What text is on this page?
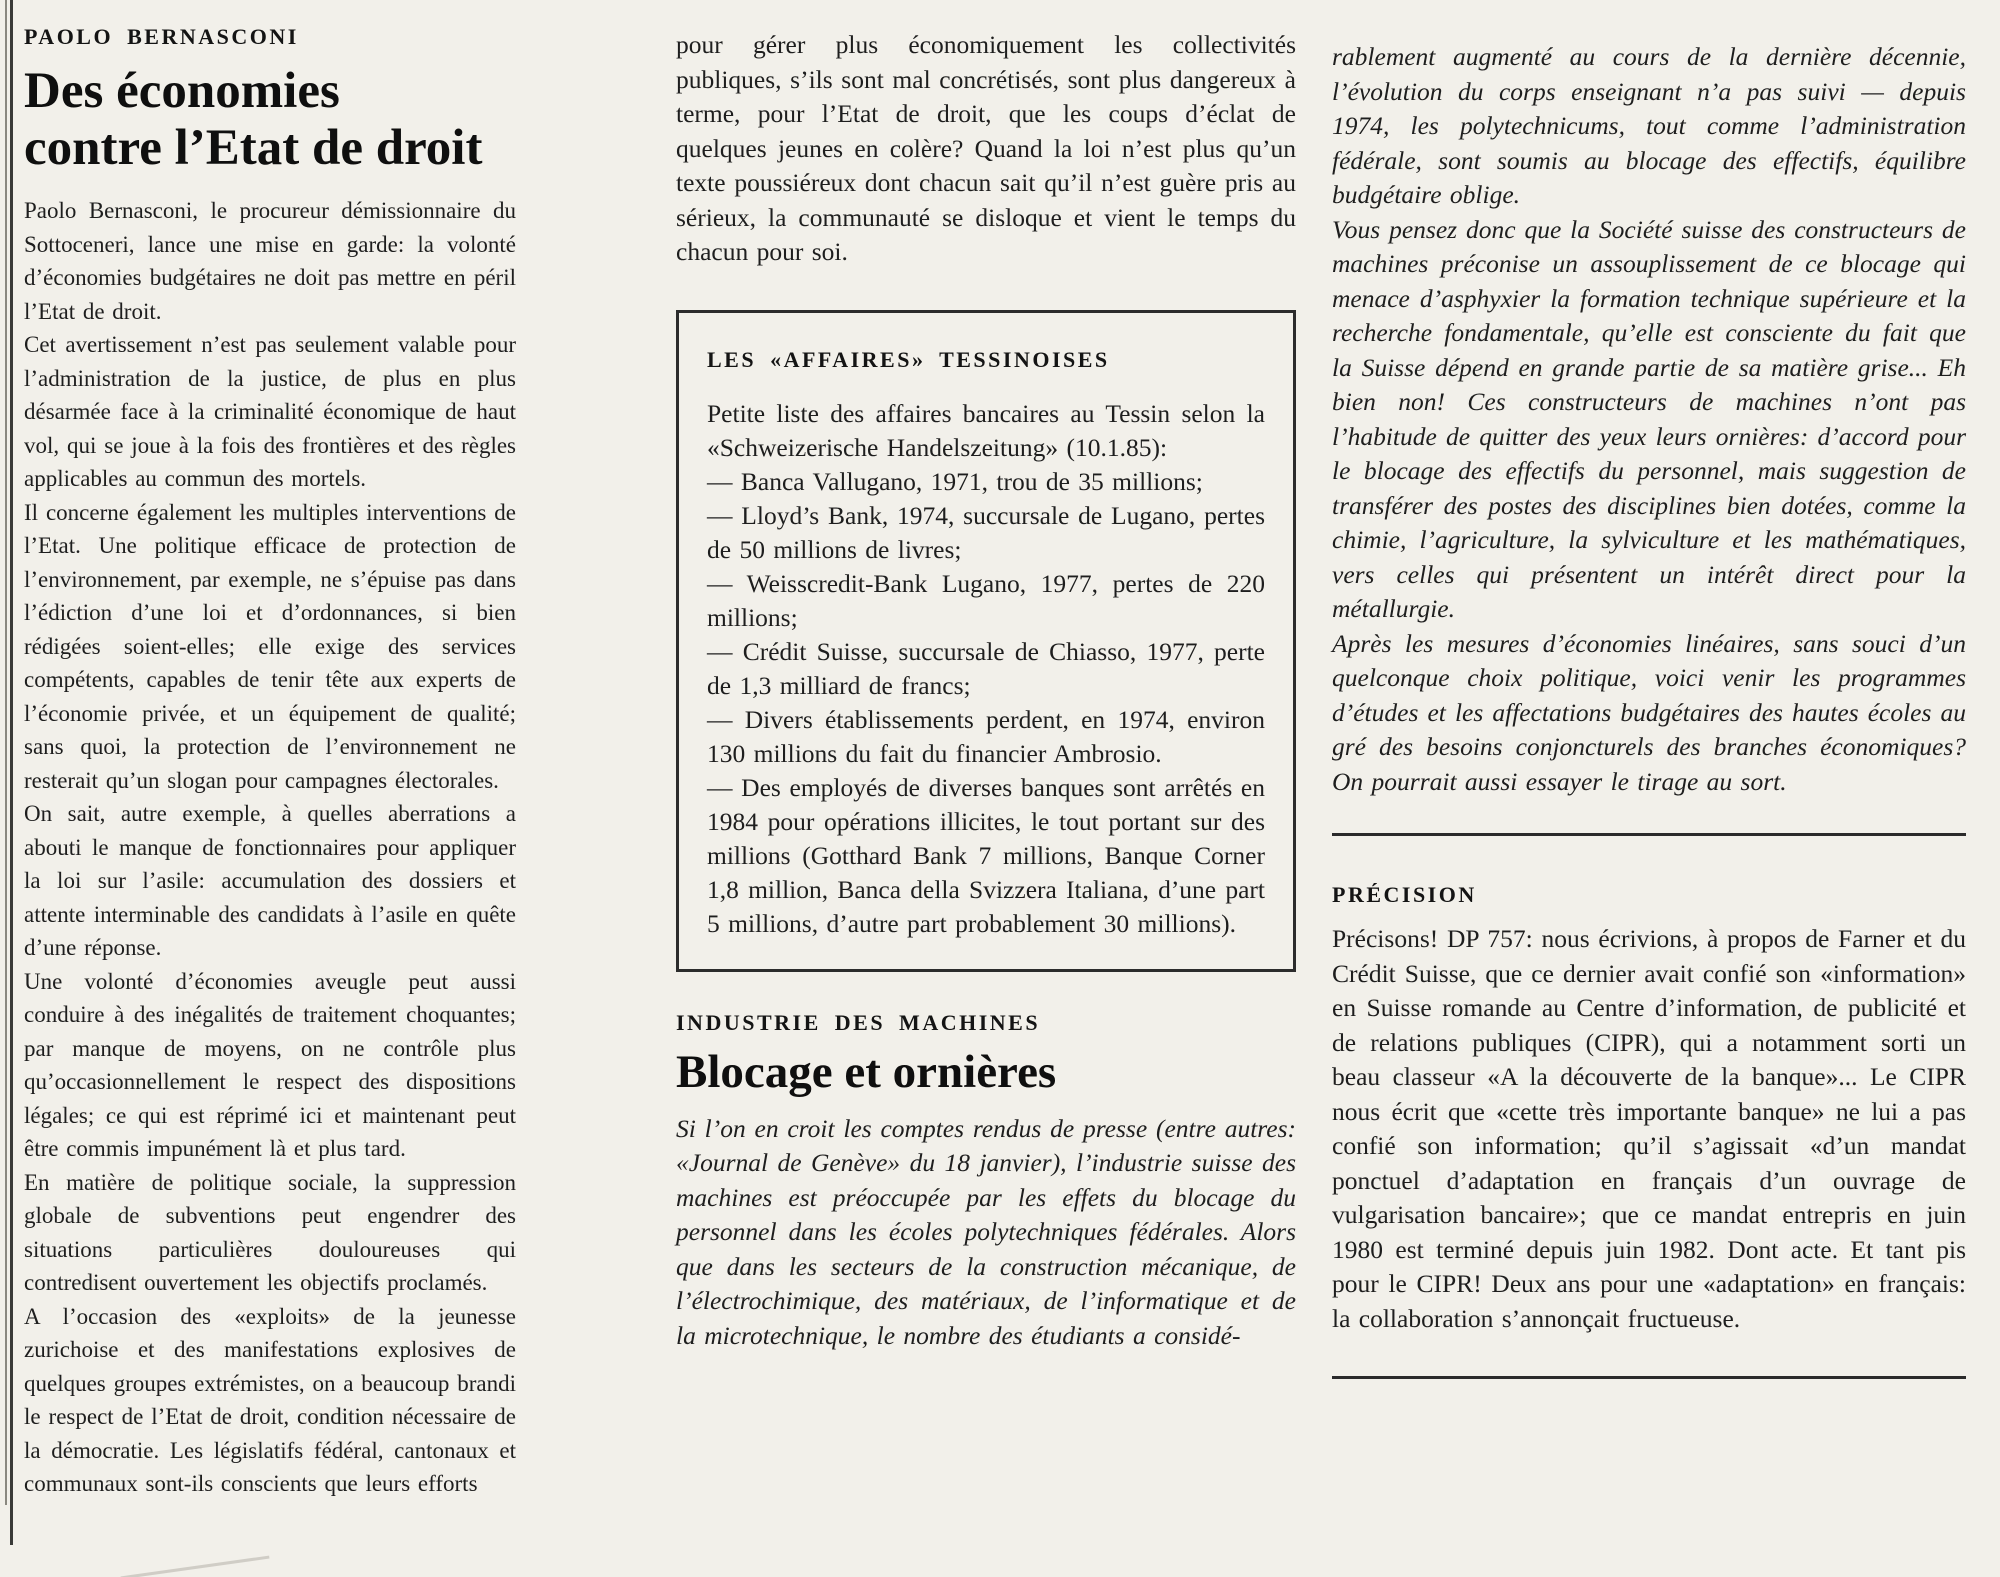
PAOLO BERNASCONI
Des économies
contre l’Etat de droit

Paolo Bernasconi, le procureur démissionnaire du Sottoceneri, lance une mise en garde: la volonté d’économies budgétaires ne doit pas mettre en péril l’Etat de droit.

Cet avertissement n’est pas seulement valable pour l’administration de la justice, de plus en plus désarmée face à la criminalité économique de haut vol, qui se joue à la fois des frontières et des règles applicables au commun des mortels.

Il concerne également les multiples interventions de l’Etat. Une politique efficace de protection de l’environnement, par exemple, ne s’épuise pas dans l’édiction d’une loi et d’ordonnances, si bien rédigées soient-elles; elle exige des services compétents, capables de tenir tête aux experts de l’économie privée, et un équipement de qualité; sans quoi, la protection de l’environnement ne resterait qu’un slogan pour campagnes électorales.

On sait, autre exemple, à quelles aberrations a abouti le manque de fonctionnaires pour appliquer la loi sur l’asile: accumulation des dossiers et attente interminable des candidats à l’asile en quête d’une réponse.

Une volonté d’économies aveugle peut aussi conduire à des inégalités de traitement choquantes; par manque de moyens, on ne contrôle plus qu’occasionnellement le respect des dispositions légales; ce qui est réprimé ici et maintenant peut être commis impunément là et plus tard.

En matière de politique sociale, la suppression globale de subventions peut engendrer des situations particulières douloureuses qui contredisent ouvertement les objectifs proclamés.

A l’occasion des «exploits» de la jeunesse zurichoise et des manifestations explosives de quelques groupes extrémistes, on a beaucoup brandi le respect de l’Etat de droit, condition nécessaire de la démocratie. Les législatifs fédéral, cantonaux et communaux sont-ils conscients que leurs efforts

pour gérer plus économiquement les collectivités publiques, s’ils sont mal concrétisés, sont plus dangereux à terme, pour l’Etat de droit, que les coups d’éclat de quelques jeunes en colère? Quand la loi n’est plus qu’un texte poussiéreux dont chacun sait qu’il n’est guère pris au sérieux, la communauté se disloque et vient le temps du chacun pour soi.

LES «AFFAIRES» TESSINOISES

Petite liste des affaires bancaires au Tessin selon la «Schweizerische Handelszeitung» (10.1.85):

— Banca Vallugano, 1971, trou de 35 millions;

— Lloyd’s Bank, 1974, succursale de Lugano, pertes de 50 millions de livres;

— Weisscredit-Bank Lugano, 1977, pertes de 220 millions;

— Crédit Suisse, succursale de Chiasso, 1977, perte de 1,3 milliard de francs;

— Divers établissements perdent, en 1974, environ 130 millions du fait du financier Ambrosio.

— Des employés de diverses banques sont arrêtés en 1984 pour opérations illicites, le tout portant sur des millions (Gotthard Bank 7 millions, Banque Corner 1,8 million, Banca della Svizzera Italiana, d’une part 5 millions, d’autre part probablement 30 millions).

INDUSTRIE DES MACHINES
Blocage et ornières

Si l’on en croit les comptes rendus de presse (entre autres: «Journal de Genève» du 18 janvier), l’industrie suisse des machines est préoccupée par les effets du blocage du personnel dans les écoles polytechniques fédérales. Alors que dans les secteurs de la construction mécanique, de l’électrochimique, des matériaux, de l’informatique et de la microtechnique, le nombre des étudiants a considé-

rablement augmenté au cours de la dernière décennie, l’évolution du corps enseignant n’a pas suivi — depuis 1974, les polytechnicums, tout comme l’administration fédérale, sont soumis au blocage des effectifs, équilibre budgétaire oblige.

Vous pensez donc que la Société suisse des constructeurs de machines préconise un assouplissement de ce blocage qui menace d’asphyxier la formation technique supérieure et la recherche fondamentale, qu’elle est consciente du fait que la Suisse dépend en grande partie de sa matière grise... Eh bien non! Ces constructeurs de machines n’ont pas l’habitude de quitter des yeux leurs ornières: d’accord pour le blocage des effectifs du personnel, mais suggestion de transférer des postes des disciplines bien dotées, comme la chimie, l’agriculture, la sylviculture et les mathématiques, vers celles qui présentent un intérêt direct pour la métallurgie.

Après les mesures d’économies linéaires, sans souci d’un quelconque choix politique, voici venir les programmes d’études et les affectations budgétaires des hautes écoles au gré des besoins conjoncturels des branches économiques? On pourrait aussi essayer le tirage au sort.

PRÉCISION

Précisons! DP 757: nous écrivions, à propos de Farner et du Crédit Suisse, que ce dernier avait confié son «information» en Suisse romande au Centre d’information, de publicité et de relations publiques (CIPR), qui a notamment sorti un beau classeur «A la découverte de la banque»... Le CIPR nous écrit que «cette très importante banque» ne lui a pas confié son information; qu’il s’agissait «d’un mandat ponctuel d’adaptation en français d’un ouvrage de vulgarisation bancaire»; que ce mandat entrepris en juin 1980 est terminé depuis juin 1982. Dont acte. Et tant pis pour le CIPR! Deux ans pour une «adaptation» en français: la collaboration s’annonçait fructueuse.
